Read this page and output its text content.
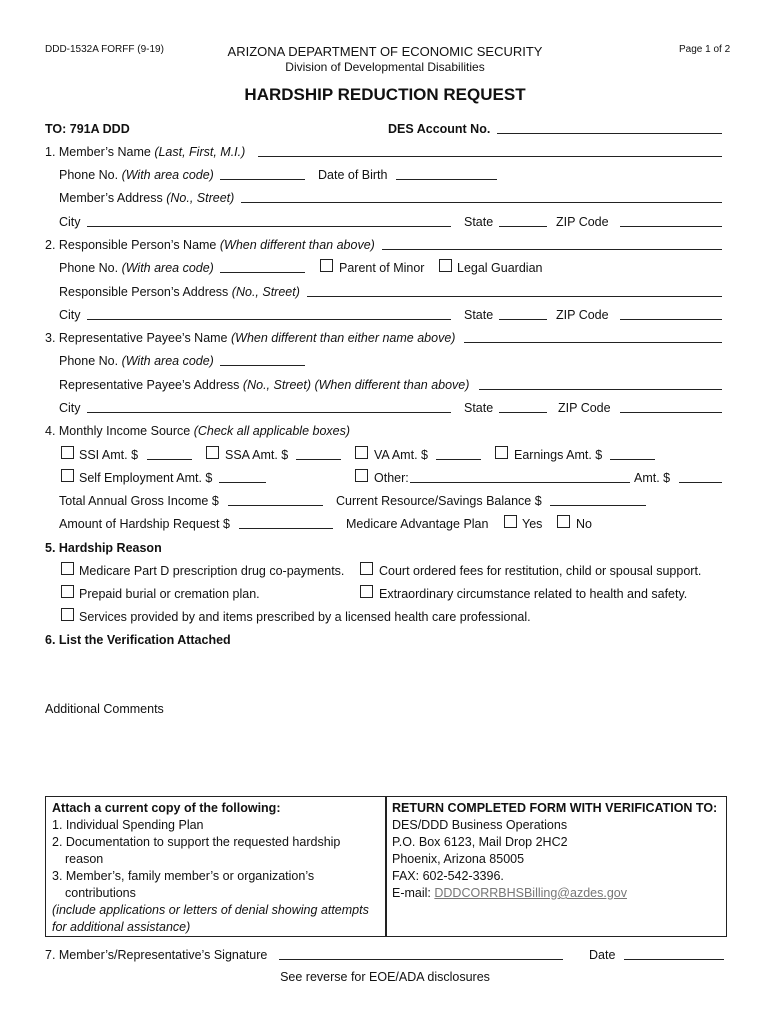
DDD-1532A FORFF (9-19)	ARIZONA DEPARTMENT OF ECONOMIC SECURITY
Division of Developmental Disabilities
Page 1 of 2
HARDSHIP REDUCTION REQUEST
TO: 791A DDD	DES Account No.
1. Member’s Name (Last, First, M.I.)
Phone No. (With area code)	Date of Birth
Member’s Address (No., Street)
City	State	ZIP Code
2. Responsible Person’s Name (When different than above)
Phone No. (With area code)	Parent of Minor	Legal Guardian
Responsible Person’s Address (No., Street)
City	State	ZIP Code
3. Representative Payee’s Name (When different than either name above)
Phone No. (With area code)
Representative Payee’s Address (No., Street) (When different than above)
City	State	ZIP Code
4. Monthly Income Source (Check all applicable boxes)
SSI Amt. $	SSA Amt. $	VA Amt. $	Earnings Amt. $
Self Employment Amt. $	Other:	Amt. $
Total Annual Gross Income $	Current Resource/Savings Balance $
Amount of Hardship Request $	Medicare Advantage Plan	Yes	No
5. Hardship Reason
Medicare Part D prescription drug co-payments.	Court ordered fees for restitution, child or spousal support.
Prepaid burial or cremation plan.	Extraordinary circumstance related to health and safety.
Services provided by and items prescribed by a licensed health care professional.
6. List the Verification Attached
Additional Comments
Attach a current copy of the following:
1. Individual Spending Plan
2. Documentation to support the requested hardship
reason
3. Member’s, family member’s or organization’s
contributions
(include applications or letters of denial showing attempts
for additional assistance)
RETURN COMPLETED FORM WITH VERIFICATION TO:
DES/DDD Business Operations
P.O. Box 6123, Mail Drop 2HC2
Phoenix, Arizona 85005
FAX: 602-542-3396.
E-mail: DDDCORRBHSBilling@azdes.gov
7. Member’s/Representative’s Signature	Date
See reverse for EOE/ADA disclosures
